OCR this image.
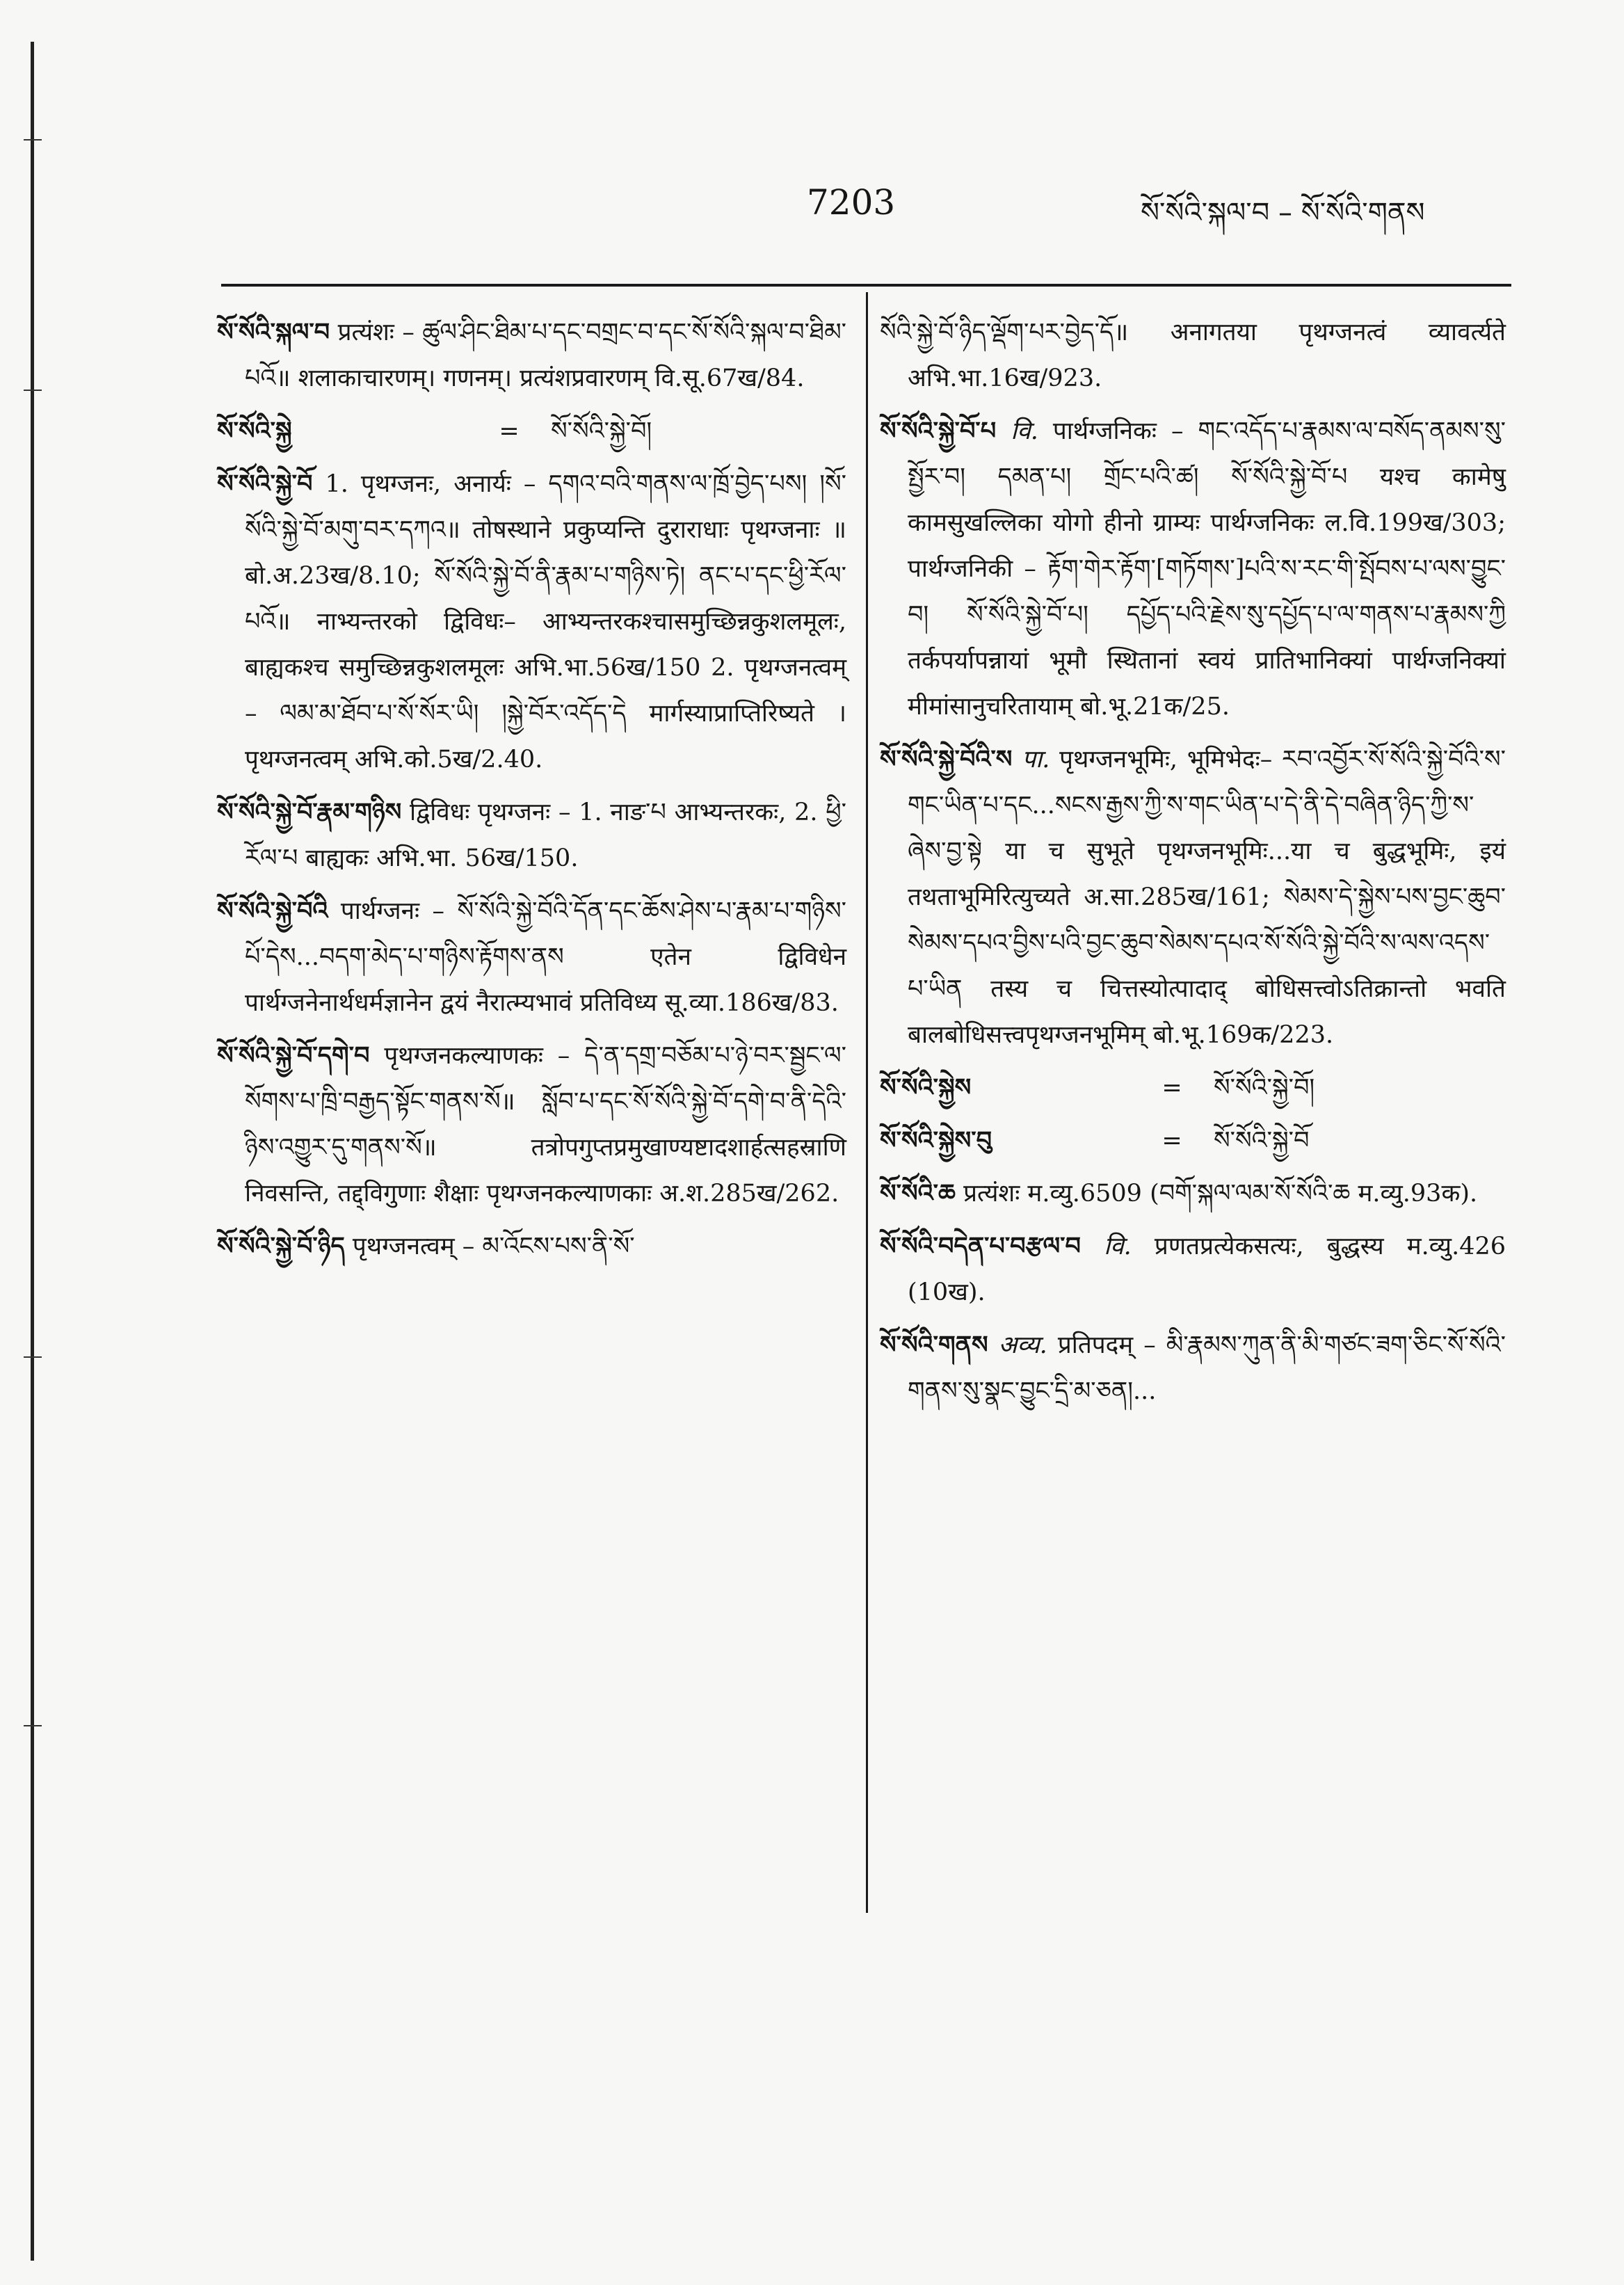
7203	སོ་སོའི་སྐལ་བ – སོ་སོའི་གནས
སོ་སོའི་སྐལ་བ प्रत्यंशः – ཚུལ་ཤིང་ཐིམ་པ་དང་བགྲང་བ་དང་སོ་སོའི་སྐལ་བ་ཐིམ་པའོ॥ शलाकाचारणम्। गणनम्। प्रत्यंशप्रवारणम् वि.सू.67ख/84.
སོ་སོའི་སྐྱེ	=	སོ་སོའི་སྐྱེ་བོ།
སོ་སོའི་སྐྱེ་བོ 1. पृथग्जनः, अनार्यः – དགའ་བའི་གནས་ལ་ཁྲོ་བྱེད་པས། །སོ་སོའི་སྐྱེ་བོ་མགུ་བར་དཀའ॥ तोषस्थाने प्रकुप्यन्ति दुराराधाः पृथग्जनाः ॥ बो.अ.23ख/8.10; སོ་སོའི་སྐྱེ་བོ་ནི་རྣམ་པ་གཉིས་ཏེ། ནང་པ་དང་ཕྱི་རོལ་པའོ॥ नाभ्यन्तरको द्विविधः– आभ्यन्तरकश्चासमुच्छिन्नकुशलमूलः, बाह्यकश्च समुच्छिन्नकुशलमूलः अभि.भा.56ख/150 2. पृथग्जनत्वम् – ལམ་མ་ཐོབ་པ་སོ་སོར་ཡི། །སྐྱེ་བོར་འདོད་དེ मार्गस्याप्राप्तिरिष्यते । पृथग्जनत्वम् अभि.को.5ख/2.40.
སོ་སོའི་སྐྱེ་བོ་རྣམ་གཉིས द्विविधः पृथग्जनः – 1. नाङ་པ आभ्यन्तरकः, 2. ཕྱི་རོལ་པ बाह्यकः अभि.भा. 56ख/150.
སོ་སོའི་སྐྱེ་བོའི पार्थग्जनः – སོ་སོའི་སྐྱེ་བོའི་དོན་དང་ཆོས་ཤེས་པ་རྣམ་པ་གཉིས་པོ་དེས...བདག་མེད་པ་གཉིས་རྟོགས་ནས एतेन द्विविधेन पार्थग्जनेनार्थधर्मज्ञानेन द्वयं नैरात्म्यभावं प्रतिविध्य सू.व्या.186ख/83.
སོ་སོའི་སྐྱེ་བོ་དགེ་བ पृथग्जनकल्याणकः – དེ་ན་དགྲ་བཅོམ་པ་ཉེ་བར་སྦྱང་ལ་སོགས་པ་ཁྲི་བརྒྱད་སྟོང་གནས་སོ॥ སློབ་པ་དང་སོ་སོའི་སྐྱེ་བོ་དགེ་བ་ནི་དེའི་ཉིས་འགྱུར་དུ་གནས་སོ॥ तत्रोपगुप्तप्रमुखाण्यष्टादशार्हत्सहस्राणि निवसन्ति, तद्द्विगुणाः शैक्षाः पृथग्जनकल्याणकाः अ.श.285ख/262.
སོ་སོའི་སྐྱེ་བོ་ཉིད पृथग्जनत्वम् – མ་འོངས་པས་ནི་སོ་
སོའི་སྐྱེ་བོ་ཉིད་ལྡོག་པར་བྱེད་དོ॥ अनागतया पृथग्जनत्वं व्यावर्त्यते अभि.भा.16ख/923.
སོ་སོའི་སྐྱེ་བོ་པ वि. पार्थग्जनिकः – གང་འདོད་པ་རྣམས་ལ་བསོད་ནམས་སུ་སྤྱོར་བ། དམན་པ། གྲོང་པའི་ཚ། སོ་སོའི་སྐྱེ་བོ་པ यश्च कामेषु कामसुखल्लिका योगो हीनो ग्राम्यः पार्थग्जनिकः ल.वि.199ख/303; पार्थग्जनिकी – རྟོག་གེར་རྟོག་[གཏོགས་]པའི་ས་རང་གི་སྤོབས་པ་ལས་བྱུང་བ། སོ་སོའི་སྐྱེ་བོ་པ། དཔྱོད་པའི་རྗེས་སུ་དཔྱོད་པ་ལ་གནས་པ་རྣམས་ཀྱི तर्कपर्यापन्नायां भूमौ स्थितानां स्वयं प्रातिभानिक्यां पार्थग्जनिक्यां मीमांसानुचरितायाम् बो.भू.21क/25.
སོ་སོའི་སྐྱེ་བོའི་ས पा. पृथग्जनभूमिः, भूमिभेदः– རབ་འབྱོར་སོ་སོའི་སྐྱེ་བོའི་ས་གང་ཡིན་པ་དང...སངས་རྒྱས་ཀྱི་ས་གང་ཡིན་པ་དེ་ནི་དེ་བཞིན་ཉིད་ཀྱི་ས་ཞེས་བྱ་སྟེ या च सुभूते पृथग्जनभूमिः...या च बुद्धभूमिः, इयं तथताभूमिरित्युच्यते अ.सा.285ख/161; སེམས་དེ་སྐྱེས་པས་བྱང་ཆུབ་སེམས་དཔའ་བྱིས་པའི་བྱང་ཆུབ་སེམས་དཔའ་སོ་སོའི་སྐྱེ་བོའི་ས་ལས་འདས་པ་ཡིན तस्य च चित्तस्योत्पादाद् बोधिसत्त्वोऽतिक्रान्तो भवति बालबोधिसत्त्वपृथग्जनभूमिम् बो.भू.169क/223.
སོ་སོའི་སྐྱེས	=	སོ་སོའི་སྐྱེ་བོ།
སོ་སོའི་སྐྱེས་བུ	=	སོ་སོའི་སྐྱེ་བོ
སོ་སོའི་ཆ प्रत्यंशः म.व्यु.6509 (བགོ་སྐལ་ལམ་སོ་སོའི་ཆ म.व्यु.93क).
སོ་སོའི་བདེན་པ་བརྩལ་བ वि. प्रणतप्रत्येकसत्यः, बुद्धस्य म.व्यु.426 (10ख).
སོ་སོའི་གནས अव्य. प्रतिपदम् – མི་རྣམས་ཀུན་ནི་མི་གཙང་ཟག་ཅིང་སོ་སོའི་གནས་སུ་སྣང་བྱུང་དྲི་མ་ཅན།...
